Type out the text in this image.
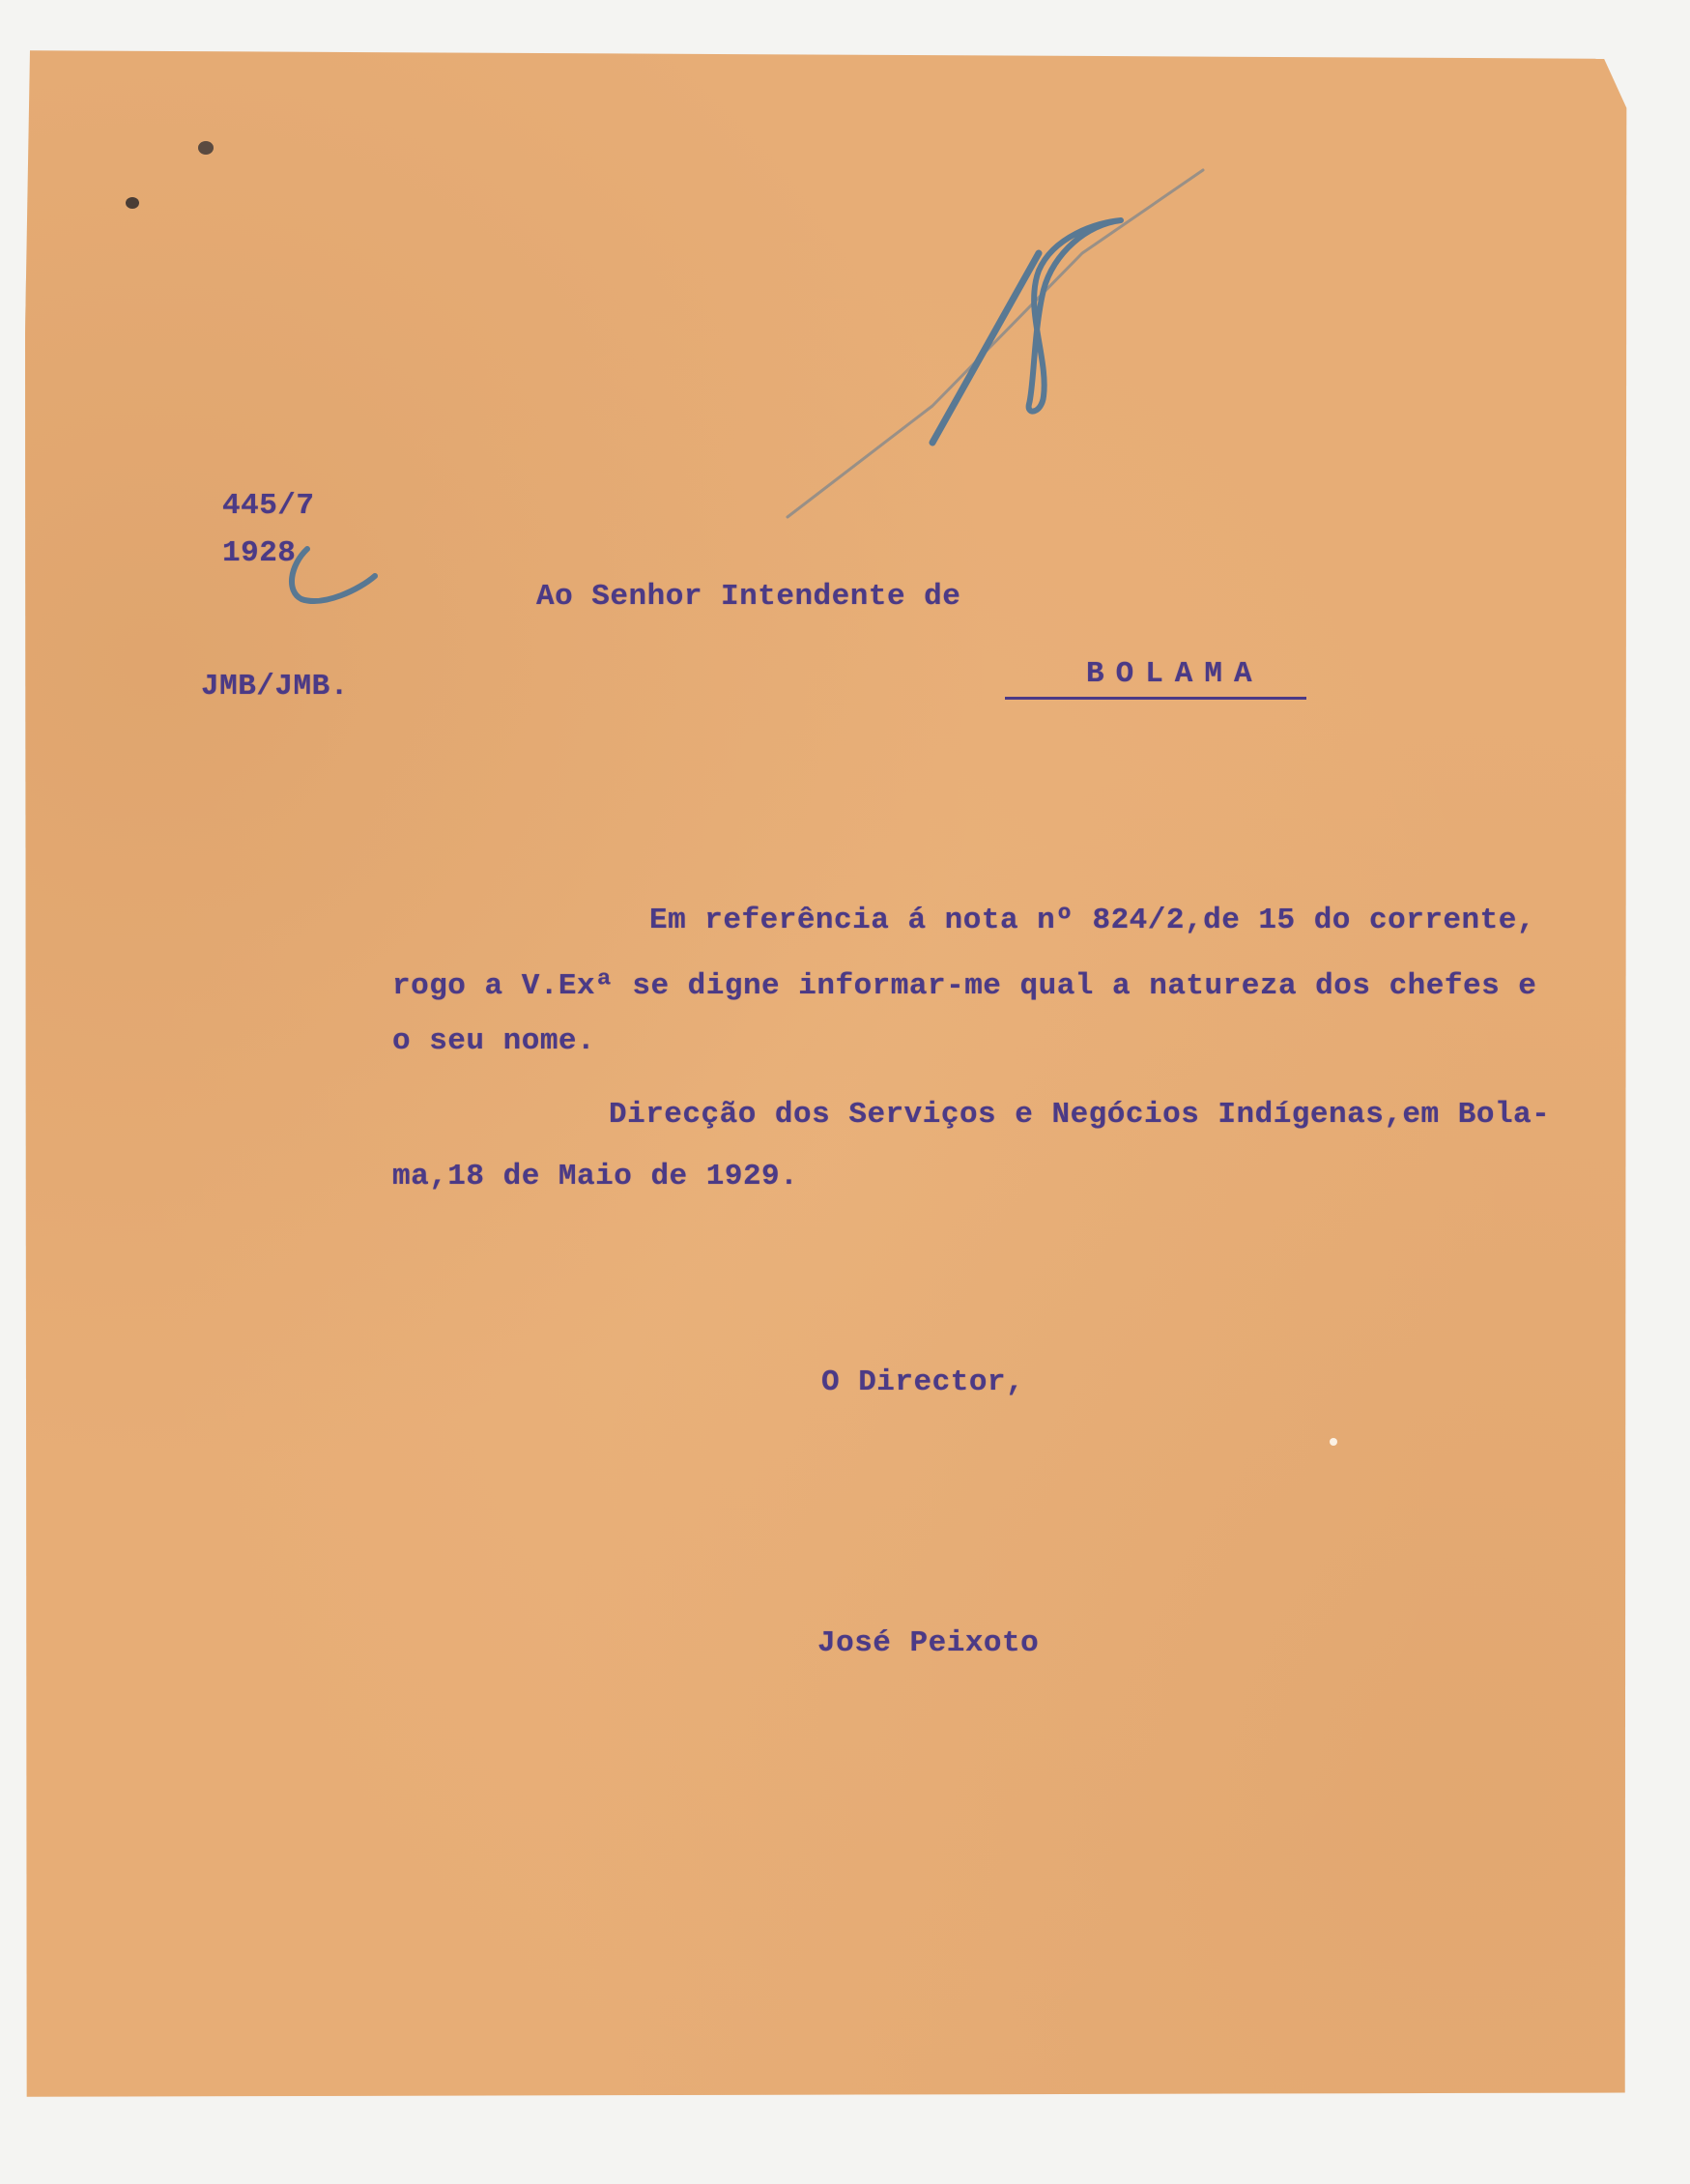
445/7
1928
JMB/JMB.
Ao Senhor Intendente de
BOLAMA
Em referência á nota nº 824/2,de 15 do corrente,
rogo a V.Exª se digne informar-me qual a natureza dos chefes e
o seu nome.
Direcção dos Serviços e Negócios Indígenas,em Bola-
ma,18 de Maio de 1929.
O Director,
José Peixoto
